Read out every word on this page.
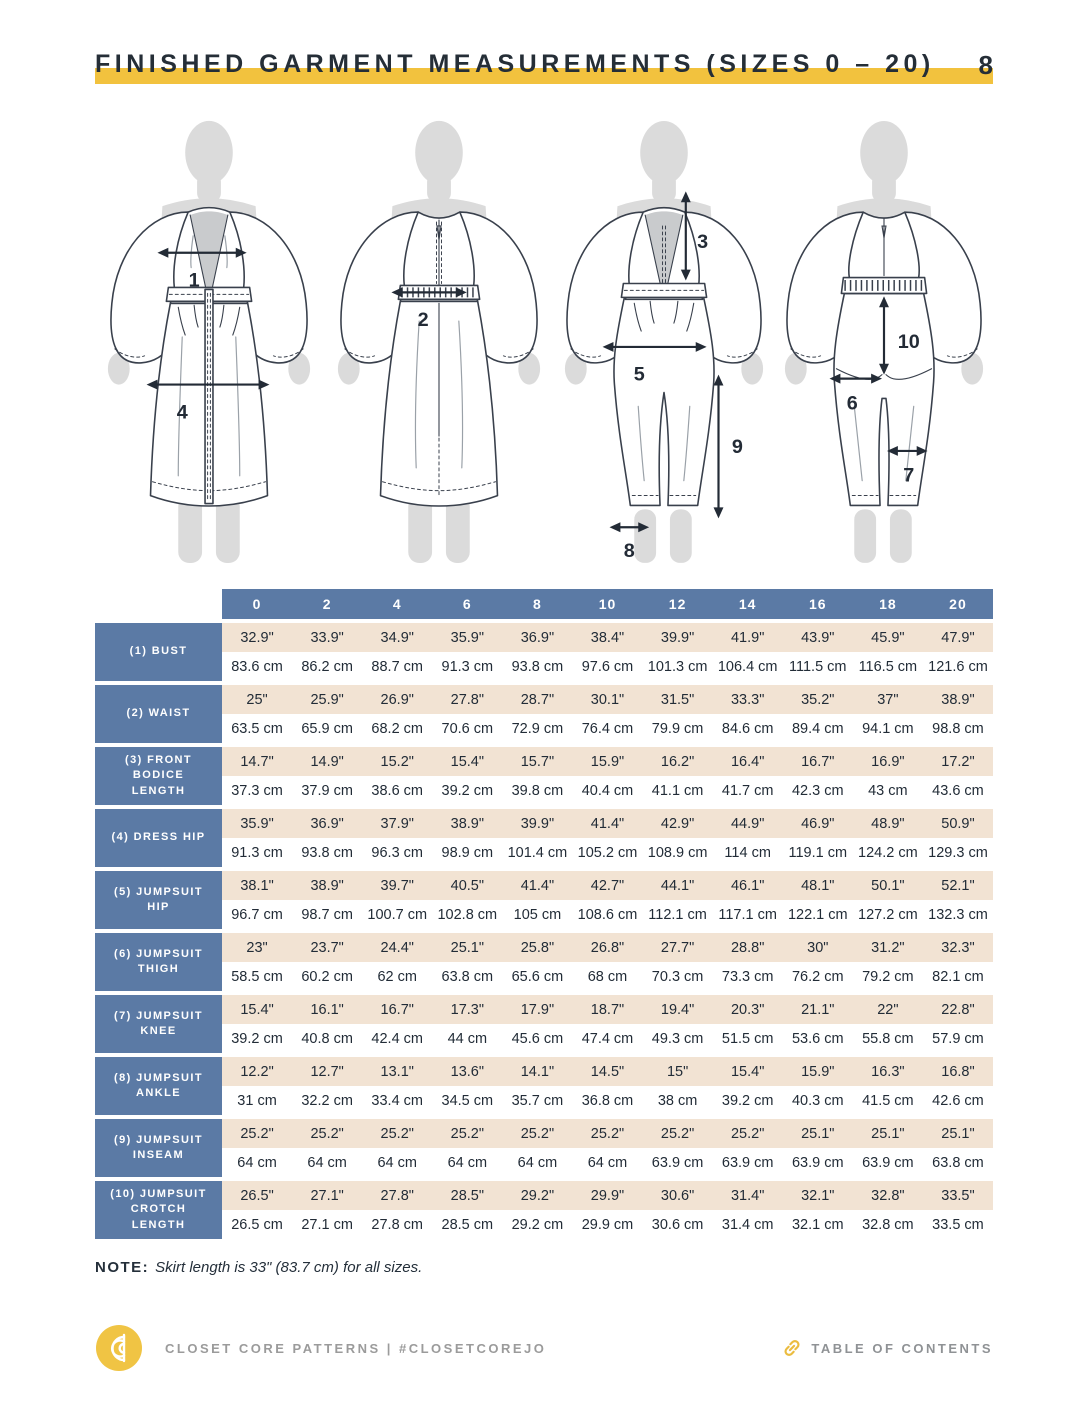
FINISHED GARMENT MEASUREMENTS (SIZES 0 – 20) 8
1
4
2
3
5
9
8
10
6
7
0	2	4	6	8	10	12	14	16	18	20
(1) BUST
32.9"	33.9"	34.9"	35.9"	36.9"	38.4"	39.9"	41.9"	43.9"	45.9"	47.9"
83.6 cm	86.2 cm	88.7 cm	91.3 cm	93.8 cm	97.6 cm 101.3 cm 106.4 cm 111.5 cm 116.5 cm 121.6 cm
(2) WAIST
25"	25.9"	26.9"	27.8"	28.7"	30.1"	31.5"	33.3"	35.2"	37"	38.9"
63.5 cm	65.9 cm	68.2 cm	70.6 cm	72.9 cm	76.4 cm	79.9 cm	84.6 cm	89.4 cm	94.1 cm	98.8 cm
(3) FRONT BODICE LENGTH
14.7"	14.9"	15.2"	15.4"	15.7"	15.9"	16.2"	16.4"	16.7"	16.9"	17.2"
37.3 cm	37.9 cm	38.6 cm	39.2 cm	39.8 cm	40.4 cm	41.1 cm	41.7 cm	42.3 cm	43 cm	43.6 cm
(4) DRESS HIP
35.9"	36.9"	37.9"	38.9"	39.9"	41.4"	42.9"	44.9"	46.9"	48.9"	50.9"
91.3 cm	93.8 cm	96.3 cm	98.9 cm 101.4 cm 105.2 cm 108.9 cm	114 cm	119.1 cm 124.2 cm 129.3 cm
(5) JUMPSUIT HIP
38.1"	38.9"	39.7"	40.5"	41.4"	42.7"	44.1"	46.1"	48.1"	50.1"	52.1"
96.7 cm	98.7 cm 100.7 cm 102.8 cm	105 cm	108.6 cm 112.1 cm 117.1 cm 122.1 cm 127.2 cm 132.3 cm
(6) JUMPSUIT THIGH
23"	23.7"	24.4"	25.1"	25.8"	26.8"	27.7"	28.8"	30"	31.2"	32.3"
58.5 cm	60.2 cm	62 cm	63.8 cm	65.6 cm	68 cm	70.3 cm	73.3 cm	76.2 cm	79.2 cm	82.1 cm
(7) JUMPSUIT KNEE
15.4"	16.1"	16.7"	17.3"	17.9"	18.7"	19.4"	20.3"	21.1"	22"	22.8"
39.2 cm	40.8 cm	42.4 cm	44 cm	45.6 cm	47.4 cm	49.3 cm	51.5 cm	53.6 cm	55.8 cm	57.9 cm
(8) JUMPSUIT ANKLE
12.2"	12.7"	13.1"	13.6"	14.1"	14.5"	15"	15.4"	15.9"	16.3"	16.8"
31 cm	32.2 cm	33.4 cm	34.5 cm	35.7 cm	36.8 cm	38 cm	39.2 cm	40.3 cm	41.5 cm	42.6 cm
(9) JUMPSUIT INSEAM
25.2"	25.2"	25.2"	25.2"	25.2"	25.2"	25.2"	25.2"	25.1"	25.1"	25.1"
64 cm	64 cm	64 cm	64 cm	64 cm	64 cm	63.9 cm	63.9 cm	63.9 cm	63.9 cm	63.8 cm
(10) JUMPSUIT CROTCH LENGTH
26.5"	27.1"	27.8"	28.5"	29.2"	29.9"	30.6"	31.4"	32.1"	32.8"	33.5"
26.5 cm	27.1 cm	27.8 cm	28.5 cm	29.2 cm	29.9 cm	30.6 cm	31.4 cm	32.1 cm	32.8 cm	33.5 cm
NOTE: Skirt length is 33" (83.7 cm) for all sizes.
CLOSET CORE PATTERNS | #CLOSETCOREJO	TABLE OF CONTENTS
